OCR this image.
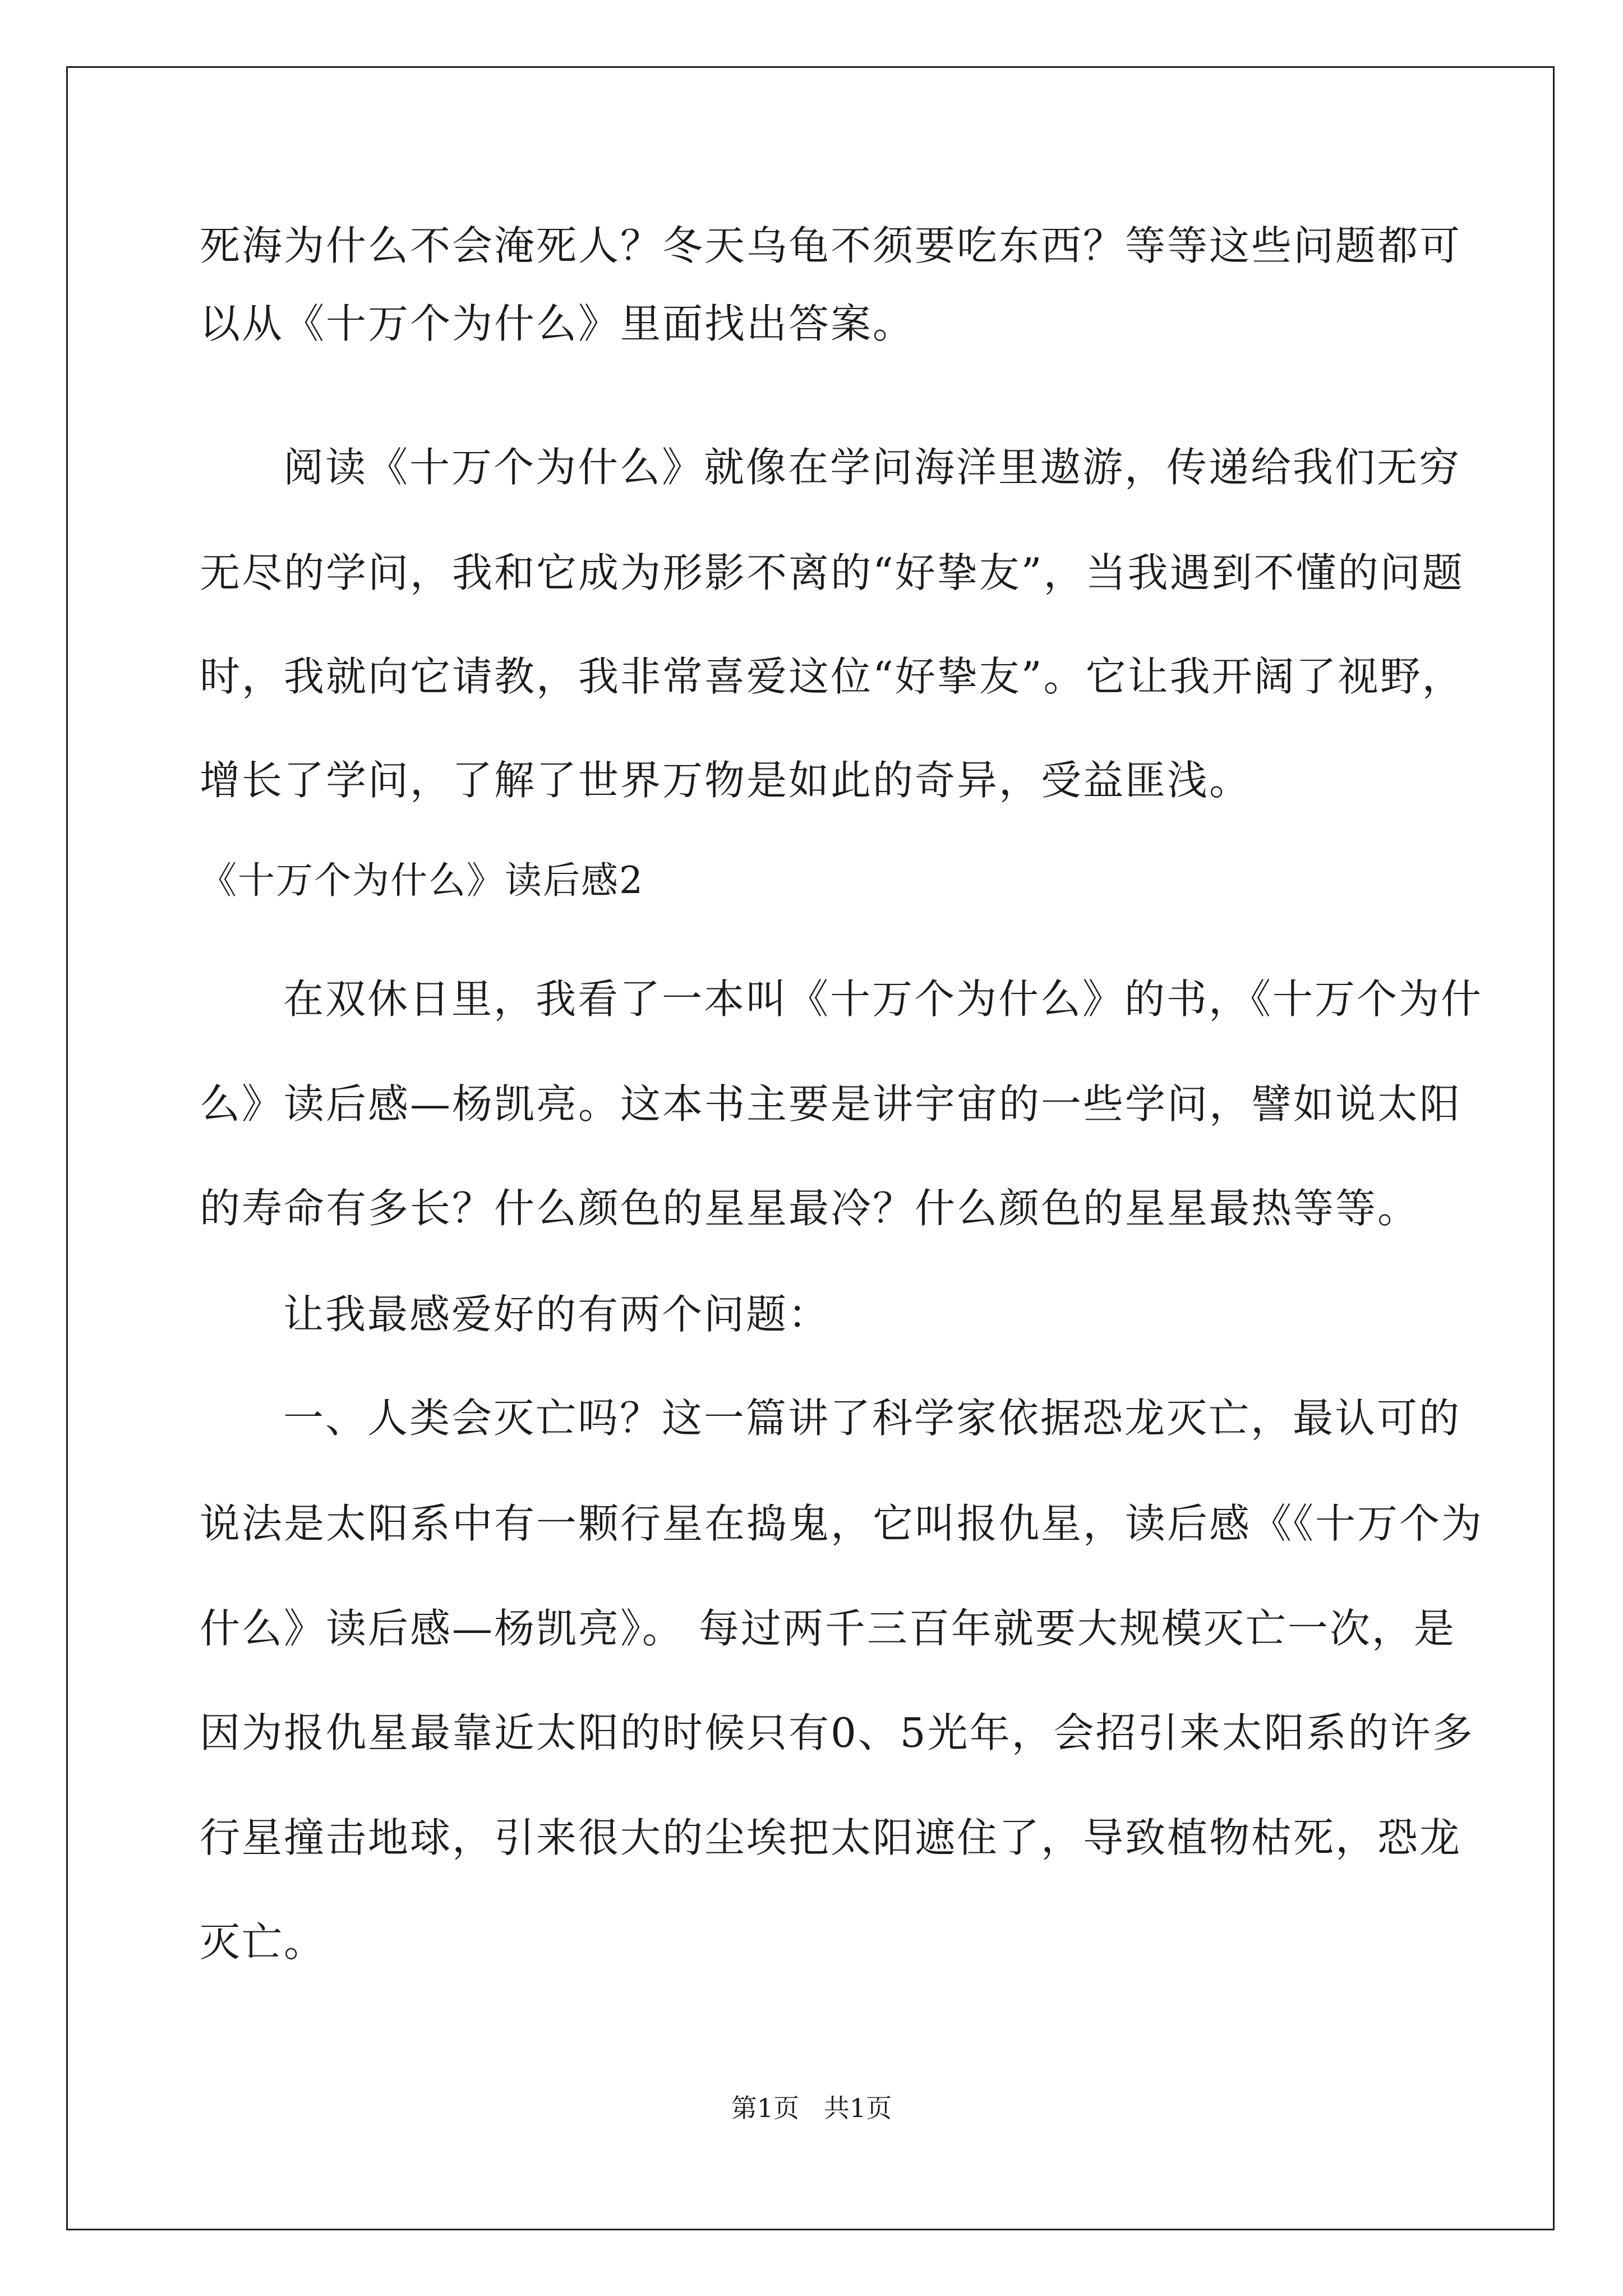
死海为什么不会淹死人？冬天乌龟不须要吃东西？等等这些问题都可
以从《十万个为什么》里面找出答案。
阅读《十万个为什么》就像在学问海洋里遨游，传递给我们无穷
无尽的学问，我和它成为形影不离的“好挚友”，当我遇到不懂的问题
时，我就向它请教，我非常喜爱这位“好挚友”。它让我开阔了视野，
增长了学问，了解了世界万物是如此的奇异，受益匪浅。
《十万个为什么》读后感2
在双休日里，我看了一本叫《十万个为什么》的书，《十万个为什
么》读后感—杨凯亮。这本书主要是讲宇宙的一些学问，譬如说太阳
的寿命有多长？什么颜色的星星最冷？什么颜色的星星最热等等。
让我最感爱好的有两个问题：
一、人类会灭亡吗？这一篇讲了科学家依据恐龙灭亡，最认可的
说法是太阳系中有一颗行星在捣鬼，它叫报仇星，读后感《《十万个为
什么》读后感—杨凯亮》。 每过两千三百年就要大规模灭亡一次，是
因为报仇星最靠近太阳的时候只有0、5光年，会招引来太阳系的许多
行星撞击地球，引来很大的尘埃把太阳遮住了，导致植物枯死，恐龙
灭亡。
第1页   共1页
